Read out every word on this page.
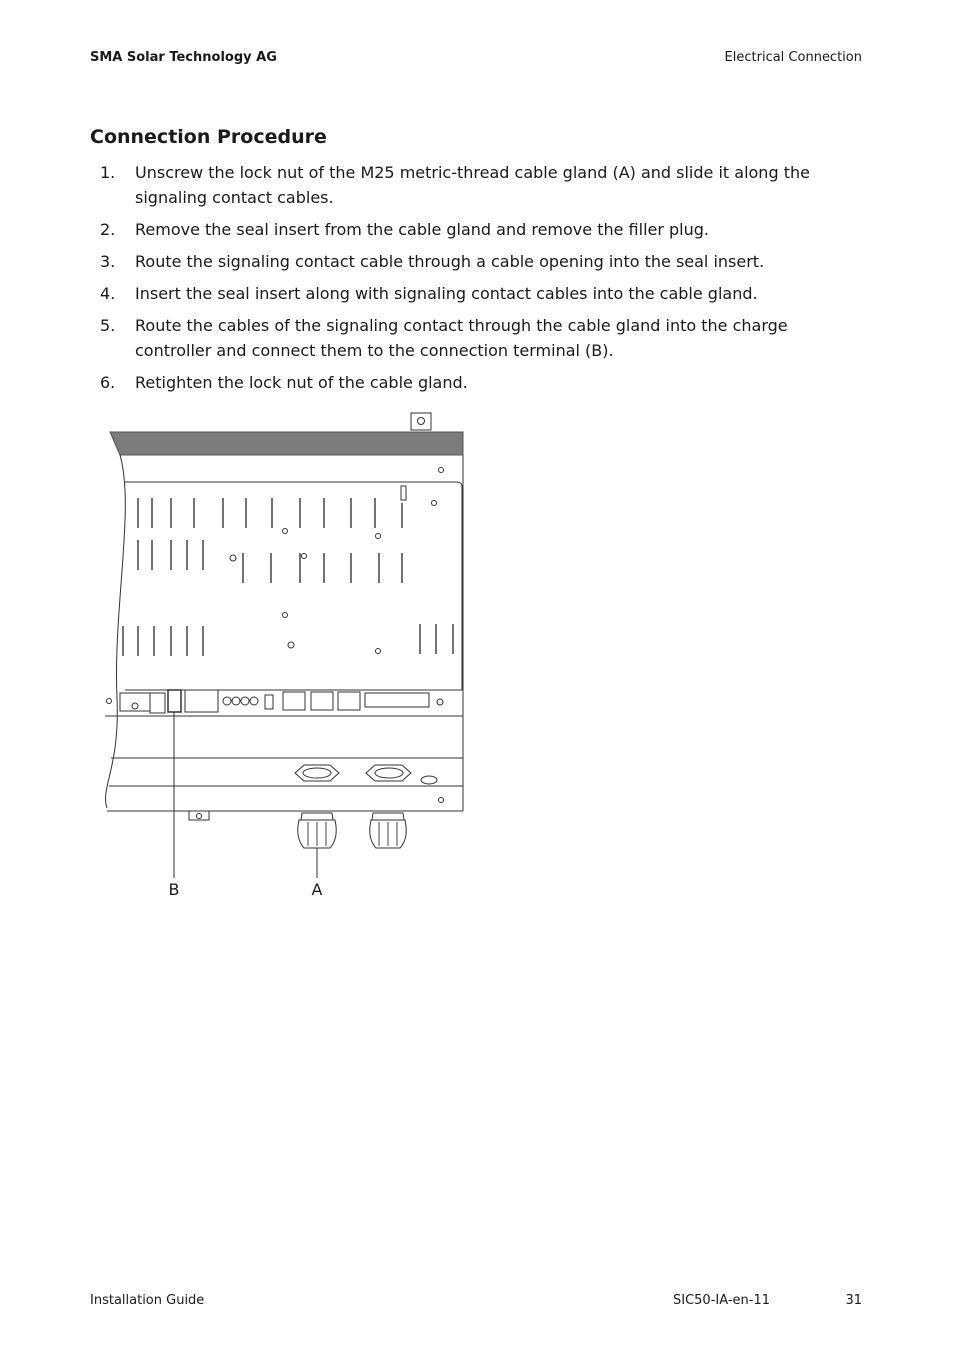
SMA Solar Technology AG	Electrical Connection
Connection Procedure
1. Unscrew the lock nut of the M25 metric-thread cable gland (A) and slide it along the signaling contact cables.
2. Remove the seal insert from the cable gland and remove the filler plug.
3. Route the signaling contact cable through a cable opening into the seal insert.
4. Insert the seal insert along with signaling contact cables into the cable gland.
5. Route the cables of the signaling contact through the cable gland into the charge controller and connect them to the connection terminal (B).
6. Retighten the lock nut of the cable gland.
B	A
Installation Guide	SIC50-IA-en-11	31
